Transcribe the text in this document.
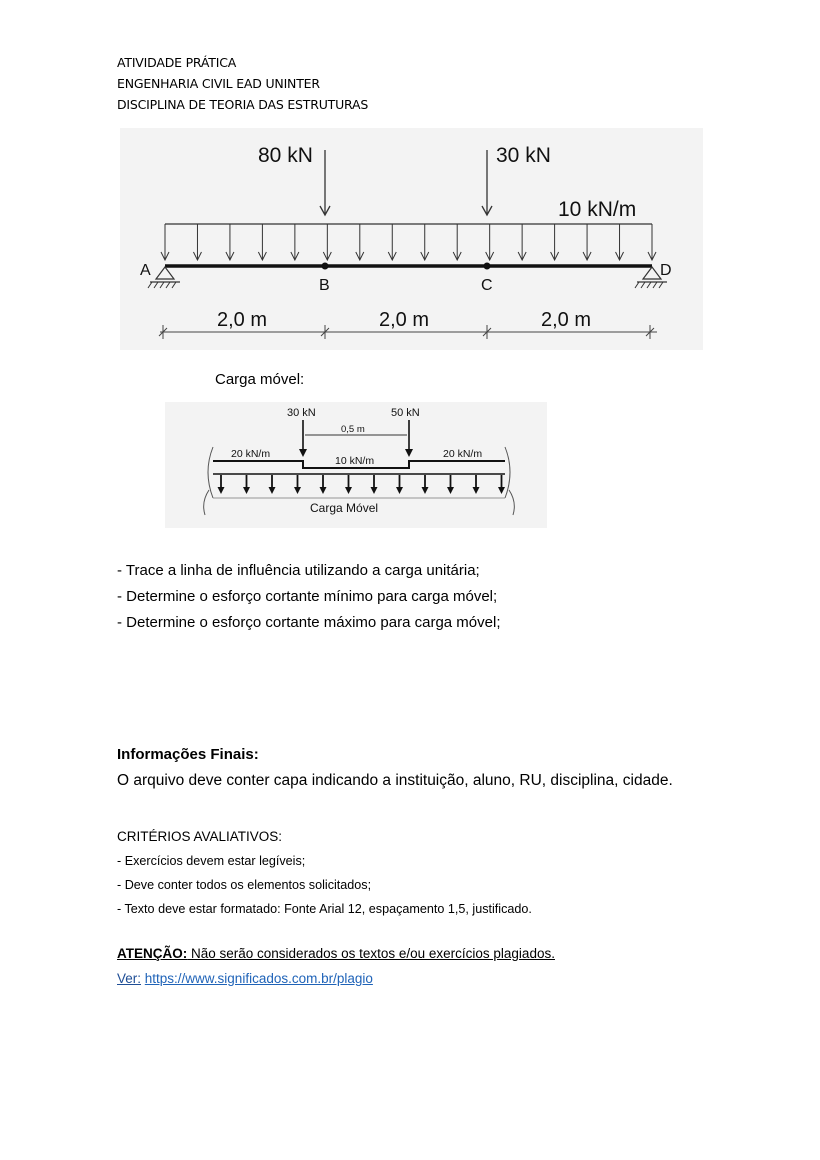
ATIVIDADE PRÁTICA
ENGENHARIA CIVIL EAD UNINTER
DISCIPLINA DE TEORIA DAS ESTRUTURAS
80 kN	30 kN
10 kN/m
A
B	C
D
2,0 m	2,0 m	2,0 m
Carga móvel:
30 kN	50 kN
0,5 m
20 kN/m
10 kN/m
20 kN/m
Carga Móvel
- Trace a linha de influência utilizando a carga unitária;
- Determine o esforço cortante mínimo para carga móvel;
- Determine o esforço cortante máximo para carga móvel;
Informações Finais:
O arquivo deve conter capa indicando a instituição, aluno, RU, disciplina, cidade.
CRITÉRIOS AVALIATIVOS:
- Exercícios devem estar legíveis;
- Deve conter todos os elementos solicitados;
- Texto deve estar formatado: Fonte Arial 12, espaçamento 1,5, justificado.
ATENÇÃO: Não serão considerados os textos e/ou exercícios plagiados.
Ver: https://www.significados.com.br/plagio
